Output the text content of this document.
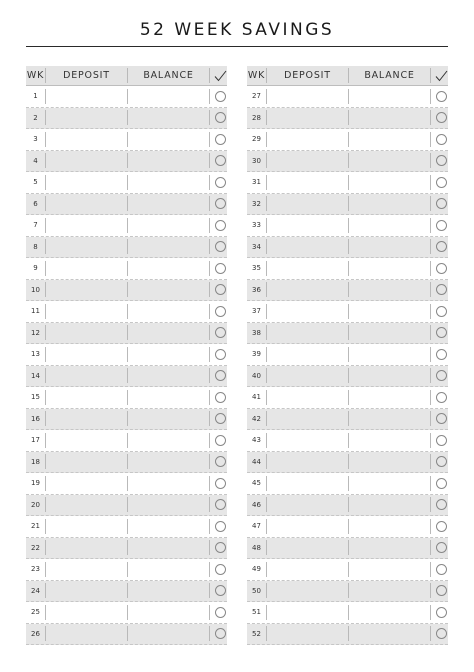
52 WEEK SAVINGS
WK	DEPOSIT	BALANCE
1
2
3
4
5
6
7
8
9
10
11
12
13
14
15
16
17
18
19
20
21
22
23
24
25
26
WK	DEPOSIT	BALANCE
27
28
29
30
31
32
33
34
35
36
37
38
39
40
41
42
43
44
45
46
47
48
49
50
51
52
